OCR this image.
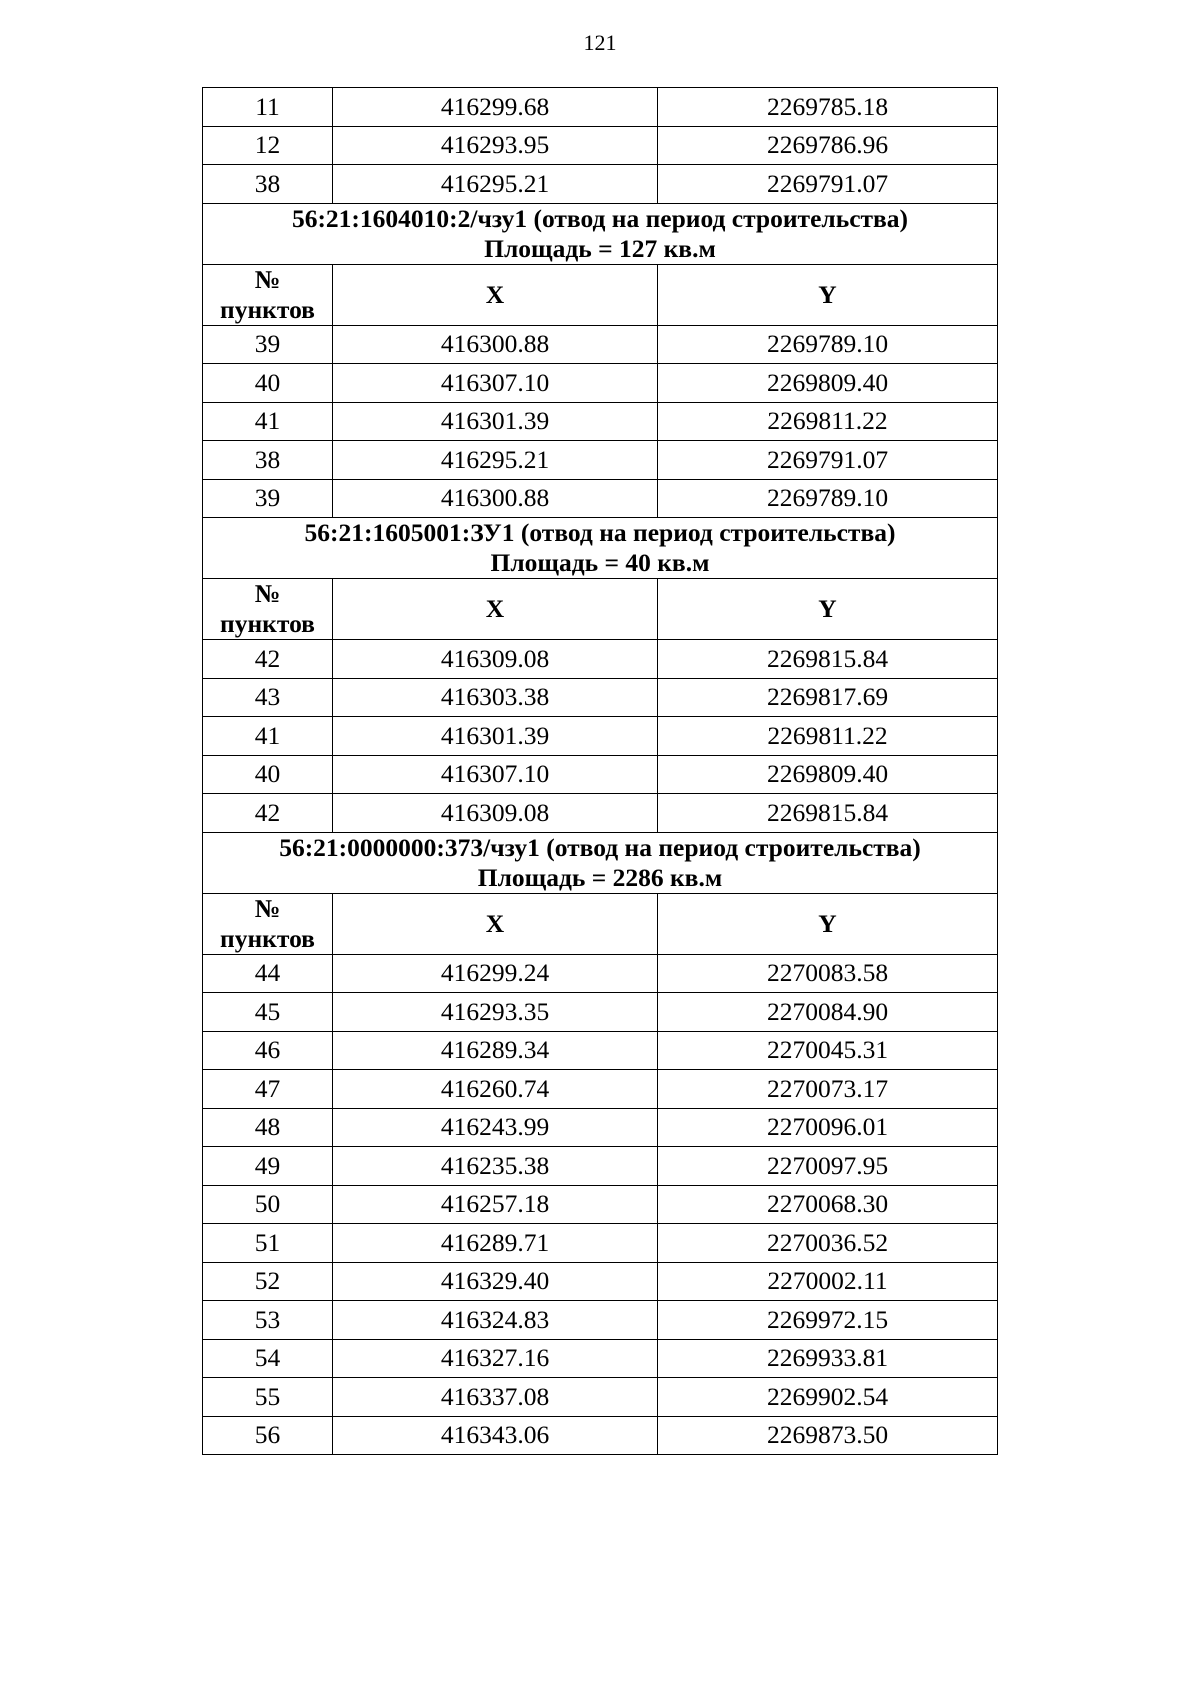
121
11	416299.68	2269785.18
12	416293.95	2269786.96
38	416295.21	2269791.07

56:21:1604010:2/чзу1 (отвод на период строительства)
Площадь = 127 кв.м		

№
пунктов	X	Y
39	416300.88	2269789.10
40	416307.10	2269809.40
41	416301.39	2269811.22
38	416295.21	2269791.07
39	416300.88	2269789.10

56:21:1605001:ЗУ1 (отвод на период строительства)
Площадь = 40 кв.м		

№
пунктов	X	Y
42	416309.08	2269815.84
43	416303.38	2269817.69
41	416301.39	2269811.22
40	416307.10	2269809.40
42	416309.08	2269815.84

56:21:0000000:373/чзу1 (отвод на период строительства)
Площадь = 2286 кв.м		

№
пунктов	X	Y
44	416299.24	2270083.58
45	416293.35	2270084.90
46	416289.34	2270045.31
47	416260.74	2270073.17
48	416243.99	2270096.01
49	416235.38	2270097.95
50	416257.18	2270068.30
51	416289.71	2270036.52
52	416329.40	2270002.11
53	416324.83	2269972.15
54	416327.16	2269933.81
55	416337.08	2269902.54
56	416343.06	2269873.50
